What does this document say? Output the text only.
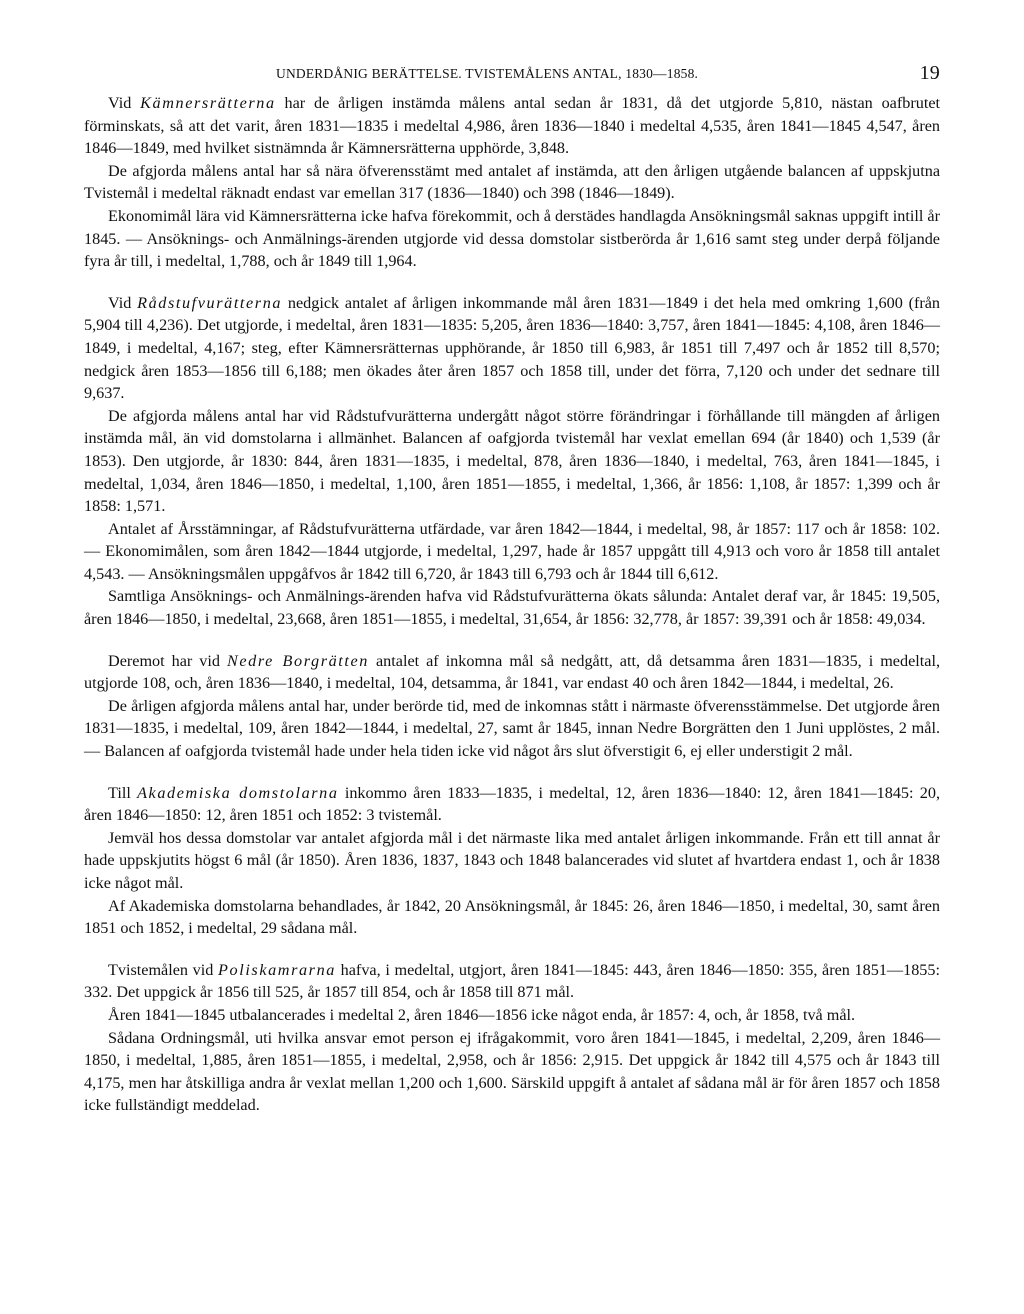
UNDERDÅNIG BERÄTTELSE. TVISTEMÅLENS ANTAL, 1830—1858.	19

Vid Kämnersrätterna har de årligen instämda målens antal sedan år 1831, då det utgjorde 5,810, nästan oafbrutet förminskats, så att det varit, åren 1831—1835 i medeltal 4,986, åren 1836—1840 i medeltal 4,535, åren 1841—1845 4,547, åren 1846—1849, med hvilket sistnämnda år Kämnersrätterna upphörde, 3,848.

De afgjorda målens antal har så nära öfverensstämt med antalet af instämda, att den årligen utgående balancen af uppskjutna Tvistemål i medeltal räknadt endast var emellan 317 (1836—1840) och 398 (1846—1849).

Ekonomimål lära vid Kämnersrätterna icke hafva förekommit, och å derstädes handlagda Ansökningsmål saknas uppgift intill år 1845. — Ansöknings- och Anmälnings-ärenden utgjorde vid dessa domstolar sistberörda år 1,616 samt steg under derpå följande fyra år till, i medeltal, 1,788, och år 1849 till 1,964.

Vid Rådstufvurätterna nedgick antalet af årligen inkommande mål åren 1831—1849 i det hela med omkring 1,600 (från 5,904 till 4,236). Det utgjorde, i medeltal, åren 1831—1835: 5,205, åren 1836—1840: 3,757, åren 1841—1845: 4,108, åren 1846—1849, i medeltal, 4,167; steg, efter Kämnersrätternas upphörande, år 1850 till 6,983, år 1851 till 7,497 och år 1852 till 8,570; nedgick åren 1853—1856 till 6,188; men ökades åter åren 1857 och 1858 till, under det förra, 7,120 och under det sednare till 9,637.

De afgjorda målens antal har vid Rådstufvurätterna undergått något större förändringar i förhållande till mängden af årligen instämda mål, än vid domstolarna i allmänhet. Balancen af oafgjorda tvistemål har vexlat emellan 694 (år 1840) och 1,539 (år 1853). Den utgjorde, år 1830: 844, åren 1831—1835, i medeltal, 878, åren 1836—1840, i medeltal, 763, åren 1841—1845, i medeltal, 1,034, åren 1846—1850, i medeltal, 1,100, åren 1851—1855, i medeltal, 1,366, år 1856: 1,108, år 1857: 1,399 och år 1858: 1,571.

Antalet af Årsstämningar, af Rådstufvurätterna utfärdade, var åren 1842—1844, i medeltal, 98, år 1857: 117 och år 1858: 102. — Ekonomimålen, som åren 1842—1844 utgjorde, i medeltal, 1,297, hade år 1857 uppgått till 4,913 och voro år 1858 till antalet 4,543. — Ansökningsmålen uppgåfvos år 1842 till 6,720, år 1843 till 6,793 och år 1844 till 6,612.

Samtliga Ansöknings- och Anmälnings-ärenden hafva vid Rådstufvurätterna ökats sålunda: Antalet deraf var, år 1845: 19,505, åren 1846—1850, i medeltal, 23,668, åren 1851—1855, i medeltal, 31,654, år 1856: 32,778, år 1857: 39,391 och år 1858: 49,034.

Deremot har vid Nedre Borgrätten antalet af inkomna mål så nedgått, att, då detsamma åren 1831—1835, i medeltal, utgjorde 108, och, åren 1836—1840, i medeltal, 104, detsamma, år 1841, var endast 40 och åren 1842—1844, i medeltal, 26.

De årligen afgjorda målens antal har, under berörde tid, med de inkomnas stått i närmaste öfverensstämmelse. Det utgjorde åren 1831—1835, i medeltal, 109, åren 1842—1844, i medeltal, 27, samt år 1845, innan Nedre Borgrätten den 1 Juni upplöstes, 2 mål. — Balancen af oafgjorda tvistemål hade under hela tiden icke vid något års slut öfverstigit 6, ej eller understigit 2 mål.

Till Akademiska domstolarna inkommo åren 1833—1835, i medeltal, 12, åren 1836—1840: 12, åren 1841—1845: 20, åren 1846—1850: 12, åren 1851 och 1852: 3 tvistemål.

Jemväl hos dessa domstolar var antalet afgjorda mål i det närmaste lika med antalet årligen inkommande. Från ett till annat år hade uppskjutits högst 6 mål (år 1850). Åren 1836, 1837, 1843 och 1848 balancerades vid slutet af hvartdera endast 1, och år 1838 icke något mål.

Af Akademiska domstolarna behandlades, år 1842, 20 Ansökningsmål, år 1845: 26, åren 1846—1850, i medeltal, 30, samt åren 1851 och 1852, i medeltal, 29 sådana mål.

Tvistemålen vid Poliskamrarna hafva, i medeltal, utgjort, åren 1841—1845: 443, åren 1846—1850: 355, åren 1851—1855: 332. Det uppgick år 1856 till 525, år 1857 till 854, och år 1858 till 871 mål.

Åren 1841—1845 utbalancerades i medeltal 2, åren 1846—1856 icke något enda, år 1857: 4, och, år 1858, två mål.

Sådana Ordningsmål, uti hvilka ansvar emot person ej ifrågakommit, voro åren 1841—1845, i medeltal, 2,209, åren 1846—1850, i medeltal, 1,885, åren 1851—1855, i medeltal, 2,958, och år 1856: 2,915. Det uppgick år 1842 till 4,575 och år 1843 till 4,175, men har åtskilliga andra år vexlat mellan 1,200 och 1,600. Särskild uppgift å antalet af sådana mål är för åren 1857 och 1858 icke fullständigt meddelad.
